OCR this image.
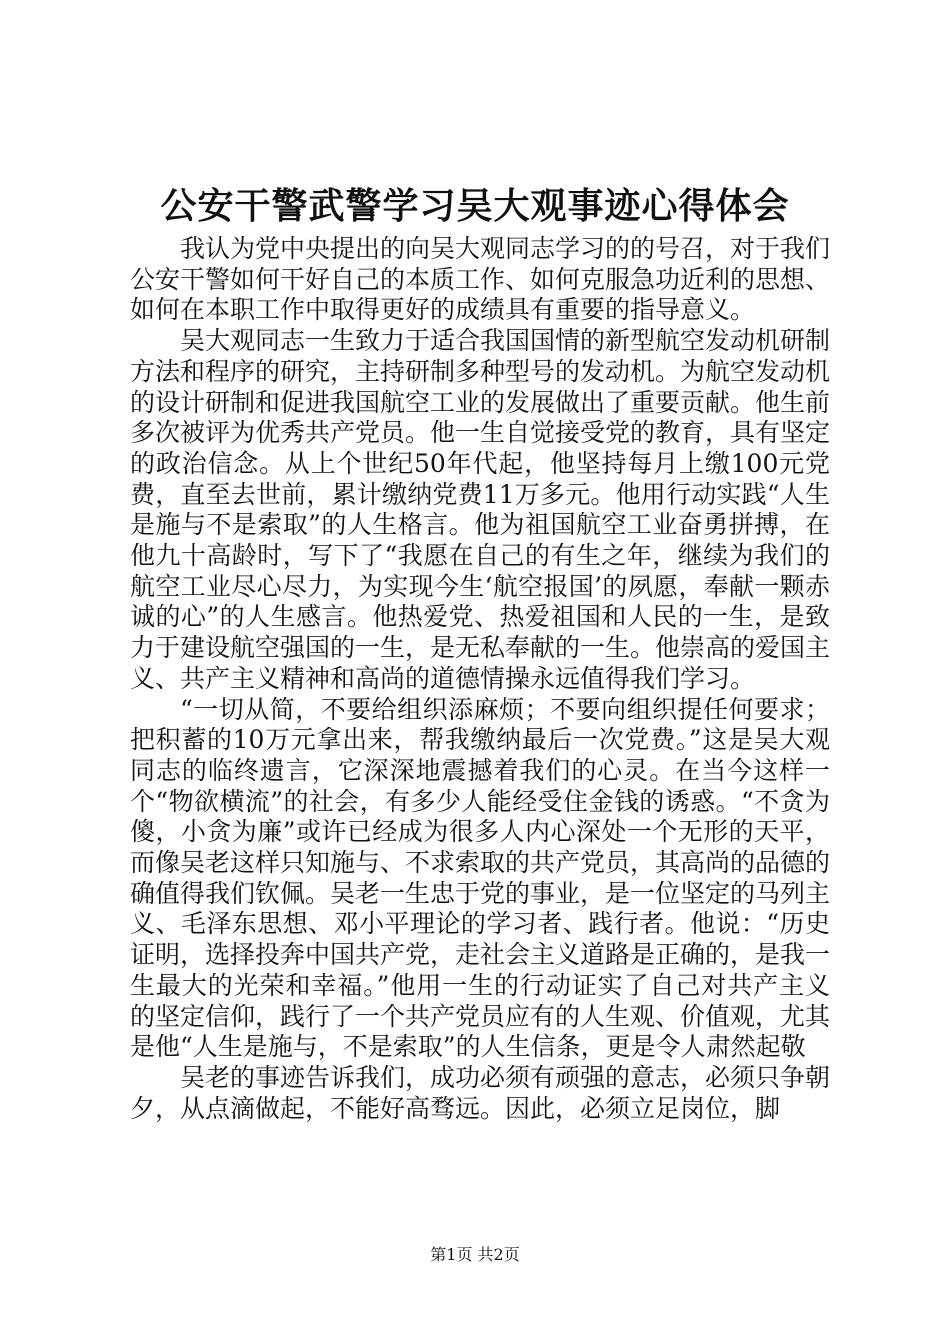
公安干警武警学习吴大观事迹心得体会

我认为党中央提出的向吴大观同志学习的的号召，对于我们公安干警如何干好自己的本质工作、如何克服急功近利的思想、如何在本职工作中取得更好的成绩具有重要的指导意义。

吴大观同志一生致力于适合我国国情的新型航空发动机研制方法和程序的研究，主持研制多种型号的发动机。为航空发动机的设计研制和促进我国航空工业的发展做出了重要贡献。他生前多次被评为优秀共产党员。他一生自觉接受党的教育，具有坚定的政治信念。从上个世纪50年代起，他坚持每月上缴100元党费，直至去世前，累计缴纳党费11万多元。他用行动实践“人生是施与不是索取”的人生格言。他为祖国航空工业奋勇拼搏，在他九十高龄时，写下了“我愿在自己的有生之年，继续为我们的航空工业尽心尽力，为实现今生‘航空报国’的夙愿，奉献一颗赤诚的心”的人生感言。他热爱党、热爱祖国和人民的一生，是致力于建设航空强国的一生，是无私奉献的一生。他崇高的爱国主义、共产主义精神和高尚的道德情操永远值得我们学习。

“一切从简，不要给组织添麻烦；不要向组织提任何要求；把积蓄的10万元拿出来，帮我缴纳最后一次党费。”这是吴大观同志的临终遗言，它深深地震撼着我们的心灵。在当今这样一个“物欲横流”的社会，有多少人能经受住金钱的诱惑。“不贪为傻，小贪为廉”或许已经成为很多人内心深处一个无形的天平，而像吴老这样只知施与、不求索取的共产党员，其高尚的品德的确值得我们钦佩。吴老一生忠于党的事业，是一位坚定的马列主义、毛泽东思想、邓小平理论的学习者、践行者。他说：“历史证明，选择投奔中国共产党，走社会主义道路是正确的，是我一生最大的光荣和幸福。”他用一生的行动证实了自己对共产主义的坚定信仰，践行了一个共产党员应有的人生观、价值观，尤其是他“人生是施与，不是索取”的人生信条，更是令人肃然起敬

吴老的事迹告诉我们，成功必须有顽强的意志，必须只争朝夕，从点滴做起，不能好高骛远。因此，必须立足岗位，脚

第1页 共2页
